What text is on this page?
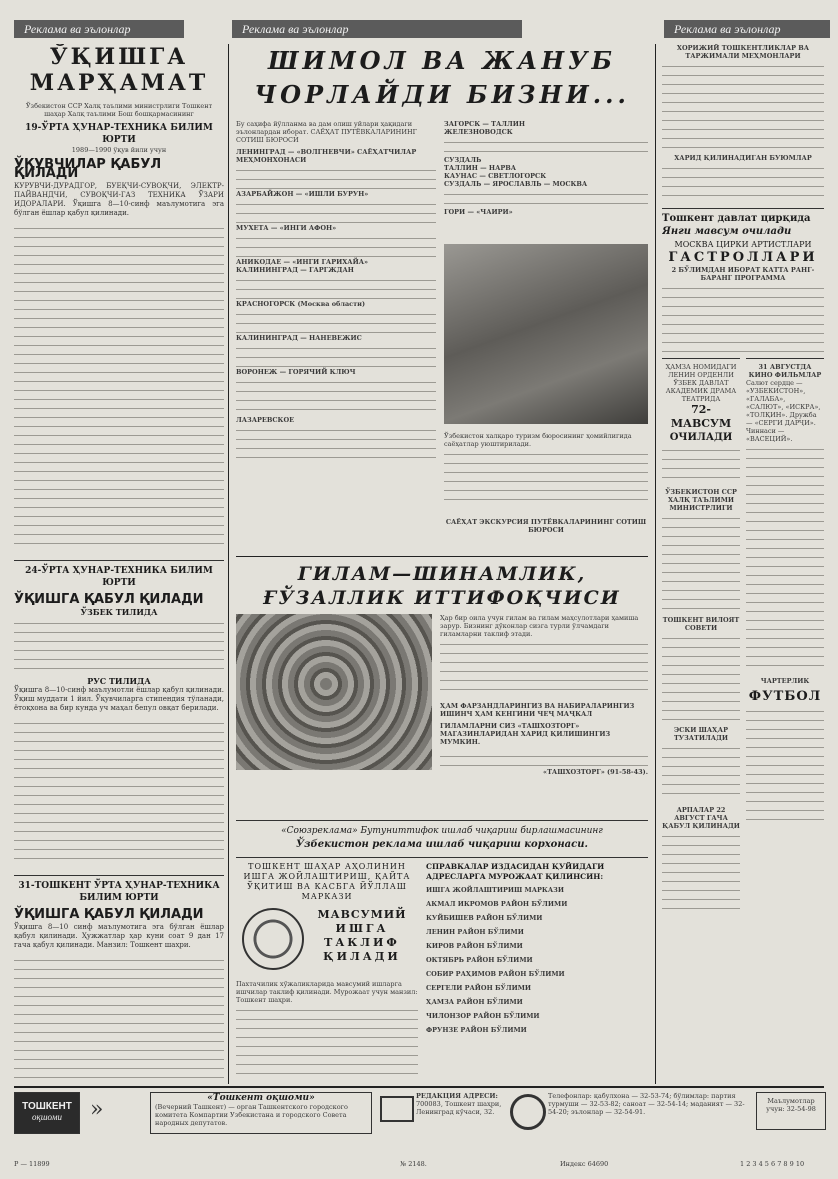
Реклама ва эълонлар	Реклама ва эълонлар	Реклама ва эълонлар
ЎҚИШГА
МАРҲАМАТ
Ўзбекистон ССР Халқ таълими министрлиги Тошкент шаҳар Халқ таълими Бош бошқармасининг
19-ЎРТА ҲУНАР-ТЕХНИКА БИЛИМ ЮРТИ
1989—1990 ўқув йили учун
ЎҚУВЧИЛАР ҚАБУЛ ҚИЛАДИ
КУРУВЧИ-ДУРАДГОР, БУЕҚЧИ-СУВОҚЧИ, ЭЛЕКТР-ПАЙВАНДЧИ, СУВОҚЧИ-ГАЗ ТЕХНИКА ЎЗАРИ ИДОРАЛАРИ. Ўқишга 8—10-синф маълумотига эга бўлган ёшлар қабул қилинади.
24-ЎРТА ҲУНАР-ТЕХНИКА БИЛИМ ЮРТИ
ЎҚИШГА ҚАБУЛ ҚИЛАДИ
ЎЗБЕК ТИЛИДА
РУС ТИЛИДА
Ўқишга 8—10-синф маълумотли ёшлар қабул қилинади. Ўқиш муддати 1 йил. Ўқувчиларга стипендия тўланади, ётоқхона ва бир кунда уч маҳал бепул овқат берилади.
31-ТОШКЕНТ ЎРТА ҲУНАР-ТЕХНИКА БИЛИМ ЮРТИ
ЎҚИШГА ҚАБУЛ ҚИЛАДИ
Ўқишга 8—10 синф маълумотига эга бўлган ёшлар қабул қилинади. Ҳужжатлар ҳар куни соат 9 дан 17 гача қабул қилинади. Манзил: Тошкент шаҳри.
ШИМОЛ ВА ЖАНУБ ЧОРЛАЙДИ БИЗНИ...
Бу саҳифа йўлланма ва дам олиш уйлари ҳақидаги эълонлардан иборат. САЁҲАТ ПУТЁВКАЛАРИНИНГ СОТИШ БЮРОСИ
ЛЕНИНГРАД — «ВОЛГНЕВЧИ» САЁҲАТЧИЛАР МЕҲМОНХОНАСИ
АЗАРБАЙЖОН — «ИШЛИ БУРУН»
МУХЕТА — «ИНГИ АФОН»
АНИКОДАЕ — «ИНГИ ГАРИХАЙА»
КАЛИНИНГРАД — ГАРГЖДАН
КРАСНОГОРСК (Москва области)
КАЛИНИНГРАД — НАНЕВЕЖИС
ВОРОНЕЖ — ГОРЯЧИЙ КЛЮЧ
ЛАЗАРЕВСКОЕ
ЗАГОРСК — ТАЛЛИН
ЖЕЛЕЗНОВОДСК
СУЗДАЛЬ
ТАЛЛИН — НАРВА
КАУНАС — СВЕТЛОГОРСК
СУЗДАЛЬ — ЯРОСЛАВЛЬ — МОСКВА
ГОРИ — «ЧАИРИ»
Ўзбекистон халқаро туризм бюросининг ҳомийлигида саёҳатлар уюштирилади.
САЁҲАТ ЭКСКУРСИЯ ПУТЁВКАЛАРИНИНГ СОТИШ БЮРОСИ
ГИЛАМ—ШИНАМЛИК, ҒЎЗАЛЛИК ИТТИФОҚЧИСИ
Ҳар бир оила учун гилам ва гилам маҳсулотлари ҳамиша зарур. Бизнинг дўконлар сизга турли ўлчамдаги гиламларни таклиф этади.
ҲАМ ФАРЗАНДЛАРИНГИЗ ВА НАБИРАЛАРИНГИЗ ИШИНЧ ҲАМ КЕНГИНИ ЧЕҶ МАҶКАЛ
ГИЛАМЛАРНИ СИЗ «ТАШХОЗТОРГ» МАГАЗИНЛАРИДАН ХАРИД ҚИЛИШИНГИЗ МУМКИН.
«ТАШХОЗТОРГ» (91-58-43).
«Союзреклама» Бутуниттифок ишлаб чиқариш бирлашмасининг
Ўзбекистон реклама ишлаб чиқариш корхонаси.
ТОШКЕНТ ШАҲАР АҲОЛИНИН ИШГА ЖОЙЛАШТИРИШ, ҚАЙТА ЎҚИТИШ ВА КАСБГА ЙЎЛЛАШ МАРКАЗИ
МАВСУМИЙ
ИШГА
ТАКЛИФ
ҚИЛАДИ
Пахтачилик хўжаликларида мавсумий ишларга ишчилар таклиф қилинади. Мурожаат учун манзил: Тошкент шаҳри.
СПРАВКАЛАР ИЗДАСИДАН ҚУЙИДАГИ АДРЕСЛАРГА МУРОЖААТ ҚИЛИНСИН:
ИШГА ЖОЙЛАШТИРИШ МАРКАЗИ
АКМАЛ ИКРОМОВ РАЙОН БЎЛИМИ
КУЙБИШЕВ РАЙОН БЎЛИМИ
ЛЕНИН РАЙОН БЎЛИМИ
КИРОВ РАЙОН БЎЛИМИ
ОКТЯБРЬ РАЙОН БЎЛИМИ
СОБИР РАҲИМОВ РАЙОН БЎЛИМИ
СЕРГЕЛИ РАЙОН БЎЛИМИ
ҲАМЗА РАЙОН БЎЛИМИ
ЧИЛОНЗОР РАЙОН БЎЛИМИ
ФРУНЗЕ РАЙОН БЎЛИМИ
ХОРИЖИЙ ТОШКЕНТЛИКЛАР ВА ТАРЖИМАЛИ МЕҲМОНЛАРИ
ХАРИД ҚИЛИНАДИГАН БУЮМЛАР
Тошкент давлат цирқида
Янги мавсум очилади
МОСКВА ЦИРКИ АРТИСТЛАРИ
ГАСТРОЛЛАРИ
2 БЎЛИМДАН ИБОРАТ КАТТА РАНГ-БАРАНГ ПРОГРАММА
ҲАМЗА НОМИДАГИ ЛЕНИН ОРДЕНЛИ ЎЗБЕК ДАВЛАТ АКАДЕМИК ДРАМА ТЕАТРИДА
72-МАВСУМ
ОЧИЛАДИ
ЎЗБЕКИСТОН ССР ХАЛҚ ТАЪЛИМИ МИНИСТРЛИГИ
ТОШКЕНТ ВИЛОЯТ СОВЕТИ
ЭСКИ ШАҲАР ТУЗАТИЛАДИ
АРПАЛАР 22 АВГУСТ ГАЧА ҚАБУЛ ҚИЛИНАДИ
31 АВГУСТДА КИНО ФИЛЬМЛАР
Салют сердце — «УЗБЕКИСТОН», «ГАЛАБА», «САЛЮТ», «ИСКРА», «ТОЛҚИН». Дружба — «СЕРГИ ДАРҶИ». Чиннаси — «ВАСЕЦИЙ».
ЧАРТЕРЛИК
ФУТБОЛ
ТОШКЕНТ
оқшоми	»	«Тошкент оқшоми»
(Вечерний Ташкент) — орган Ташкентского городского комитета Компартии Узбекистана и городского Совета народных депутатов.
РЕДАКЦИЯ АДРЕСИ:
700083, Тошкент шаҳри, Ленинград кўчаси, 32.
Телефонлар: қабулхона — 32-53-74; бўлимлар: партия турмуши — 32-53-82; саноат — 32-54-14; маданият — 32-54-20; эълонлар — 32-54-91.
Маълумотлар учун: 32-54-98
Р — 11899	№ 2148.	Индекс 64690	1 2 3 4 5 6 7 8 9 10
